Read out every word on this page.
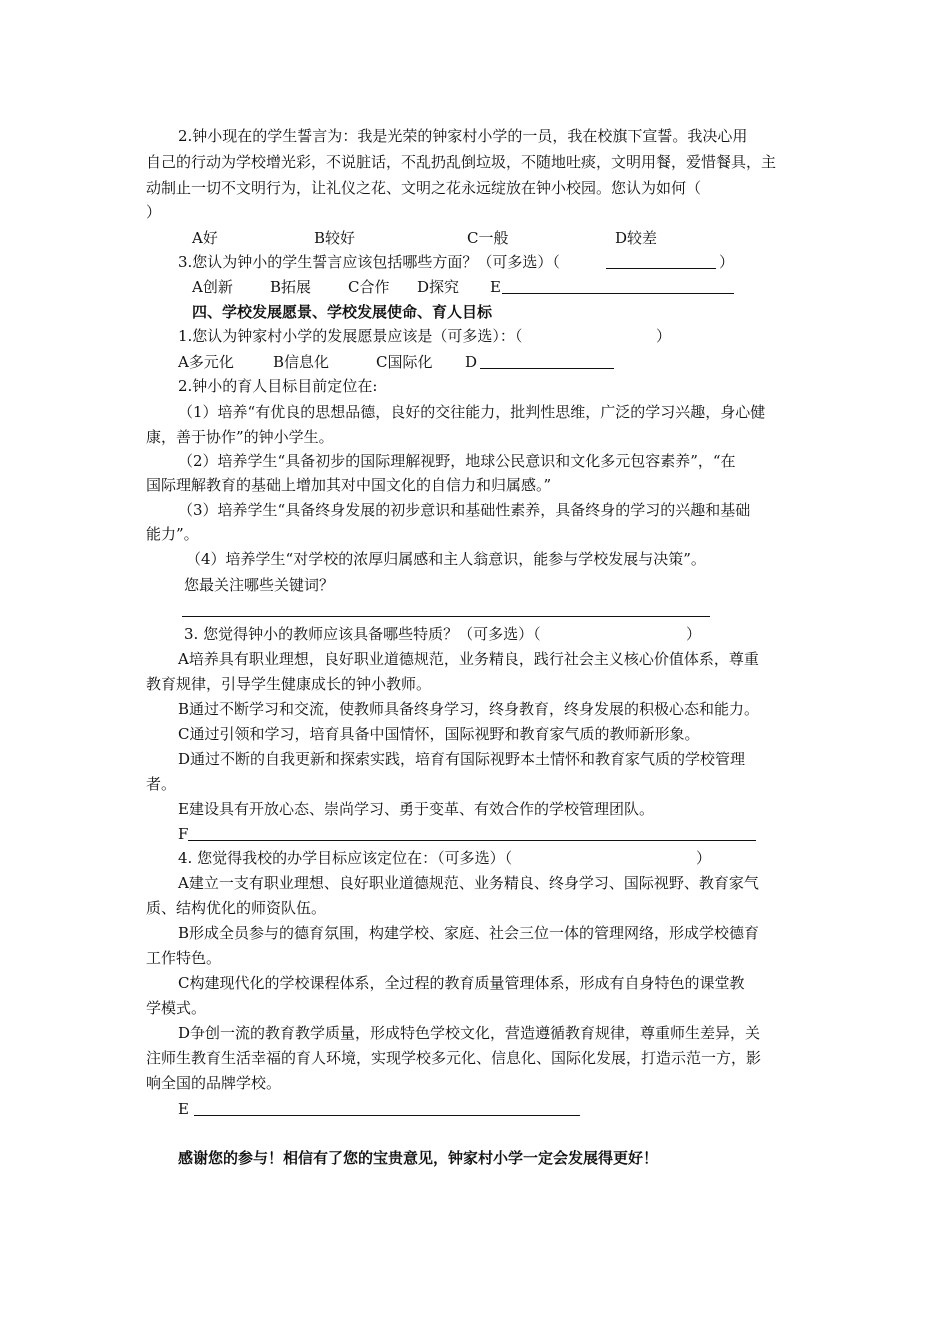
2.钟小现在的学生誓言为：我是光荣的钟家村小学的一员，我在校旗下宣誓。我决心用
自己的行动为学校增光彩，不说脏话，不乱扔乱倒垃圾，不随地吐痰，文明用餐，爱惜餐具，主
动制止一切不文明行为，让礼仪之花、文明之花永远绽放在钟小校园。您认为如何（
）
A好	B较好	C一般	D较差
3.您认为钟小的学生誓言应该包括哪些方面？（可多选）（	）
A创新 B拓展 C合作 D探究 E
四、学校发展愿景、学校发展使命、育人目标
1.您认为钟家村小学的发展愿景应该是（可多选）：（	）
A多元化	B信息化	C国际化 D
2.钟小的育人目标目前定位在:
（1）培养“有优良的思想品德，良好的交往能力，批判性思维，广泛的学习兴趣，身心健
康，善于协作”的钟小学生。
（2）培养学生“具备初步的国际理解视野，地球公民意识和文化多元包容素养”，“在
国际理解教育的基础上增加其对中国文化的自信力和归属感。”
（3）培养学生“具备终身发展的初步意识和基础性素养，具备终身的学习的兴趣和基础
能力”。
（4）培养学生“对学校的浓厚归属感和主人翁意识，能参与学校发展与决策”。
您最关注哪些关键词？
3. 您觉得钟小的教师应该具备哪些特质？（可多选）（	）
A培养具有职业理想，良好职业道德规范，业务精良，践行社会主义核心价值体系，尊重
教育规律，引导学生健康成长的钟小教师。
B通过不断学习和交流，使教师具备终身学习，终身教育，终身发展的积极心态和能力。
C通过引领和学习，培育具备中国情怀，国际视野和教育家气质的教师新形象。
D通过不断的自我更新和探索实践，培育有国际视野本土情怀和教育家气质的学校管理
者。
E建设具有开放心态、崇尚学习、勇于变革、有效合作的学校管理团队。
F
4. 您觉得我校的办学目标应该定位在：（可多选）（	）
A建立一支有职业理想、良好职业道德规范、业务精良、终身学习、国际视野、教育家气
质、结构优化的师资队伍。
B形成全员参与的德育氛围，构建学校、家庭、社会三位一体的管理网络，形成学校德育
工作特色。
C构建现代化的学校课程体系，全过程的教育质量管理体系，形成有自身特色的课堂教
学模式。
D争创一流的教育教学质量，形成特色学校文化，营造遵循教育规律，尊重师生差异，关
注师生教育生活幸福的育人环境，实现学校多元化、信息化、国际化发展，打造示范一方，影
响全国的品牌学校。
E
感谢您的参与！相信有了您的宝贵意见，钟家村小学一定会发展得更好！
